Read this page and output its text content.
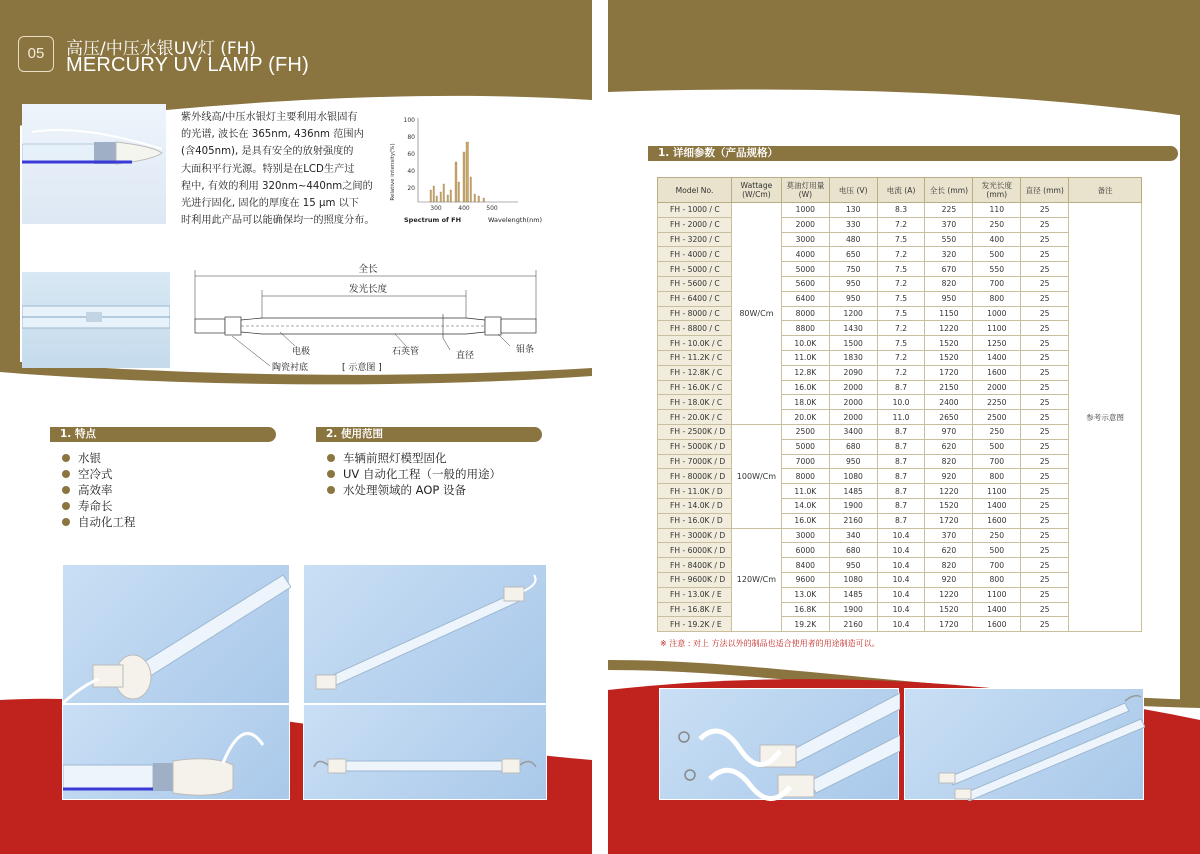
05	高压/中压水银UV灯 (FH)
MERCURY UV LAMP (FH)
紫外线高/中压水银灯主要利用水银固有
的光谱, 波长在 365nm, 436nm 范围内
(含405nm), 是具有安全的放射强度的
大面积平行光源。特别是在LCD生产过
程中, 有效的利用 320nm~440nm之间的
光进行固化, 固化的厚度在 15 μm 以下
时利用此产品可以能确保均一的照度分布。
Relative intensity(%)
100
80
60
40
20
300	400	500
Spectrum of FH	Wavelength(nm)
全长
发光长度
电极	石英管	直径
钼条
陶瓷衬底	[ 示意图 ]
1. 特点
水银
空冷式
高效率
寿命长
自动化工程
2. 使用范围
车辆前照灯模型固化
UV 自动化工程（一般的用途）
水处理领域的 AOP 设备
1. 详细参数（产品规格）
Model No.	Wattage (W/Cm)	莫油灯用量 (W)	电压 (V)	电流 (A)	全长 (mm)	发光长度 (mm)	直径 (mm)	备注
FH - 1000 / C	80W/Cm	1000	130	8.3	225	110	25	参考示意图
FH - 2000 / C		2000	330	7.2	370	250	25	
FH - 3200 / C		3000	480	7.5	550	400	25	
FH - 4000 / C		4000	650	7.2	320	500	25	
FH - 5000 / C		5000	750	7.5	670	550	25	
FH - 5600 / C		5600	950	7.2	820	700	25	
FH - 6400 / C		6400	950	7.5	950	800	25	
FH - 8000 / C		8000	1200	7.5	1150	1000	25	
FH - 8800 / C		8800	1430	7.2	1220	1100	25	
FH - 10.0K / C		10.0K	1500	7.5	1520	1250	25	
FH - 11.2K / C		11.0K	1830	7.2	1520	1400	25	
FH - 12.8K / C		12.8K	2090	7.2	1720	1600	25	
FH - 16.0K / C		16.0K	2000	8.7	2150	2000	25	
FH - 18.0K / C		18.0K	2000	10.0	2400	2250	25	
FH - 20.0K / C		20.0K	2000	11.0	2650	2500	25	
FH - 2500K / D	100W/Cm	2500	3400	8.7	970	250	25	
FH - 5000K / D		5000	680	8.7	620	500	25	
FH - 7000K / D		7000	950	8.7	820	700	25	
FH - 8000K / D		8000	1080	8.7	920	800	25	
FH - 11.0K / D		11.0K	1485	8.7	1220	1100	25	
FH - 14.0K / D		14.0K	1900	8.7	1520	1400	25	
FH - 16.0K / D		16.0K	2160	8.7	1720	1600	25	
FH - 3000K / D	120W/Cm	3000	340	10.4	370	250	25	
FH - 6000K / D		6000	680	10.4	620	500	25	
FH - 8400K / D		8400	950	10.4	820	700	25	
FH - 9600K / D		9600	1080	10.4	920	800	25	
FH - 13.0K / E		13.0K	1485	10.4	1220	1100	25	
FH - 16.8K / E		16.8K	1900	10.4	1520	1400	25	
FH - 19.2K / E		19.2K	2160	10.4	1720	1600	25	
※ 注意 : 对上 方法以外的制品也适合使用者的用途制造可以。
